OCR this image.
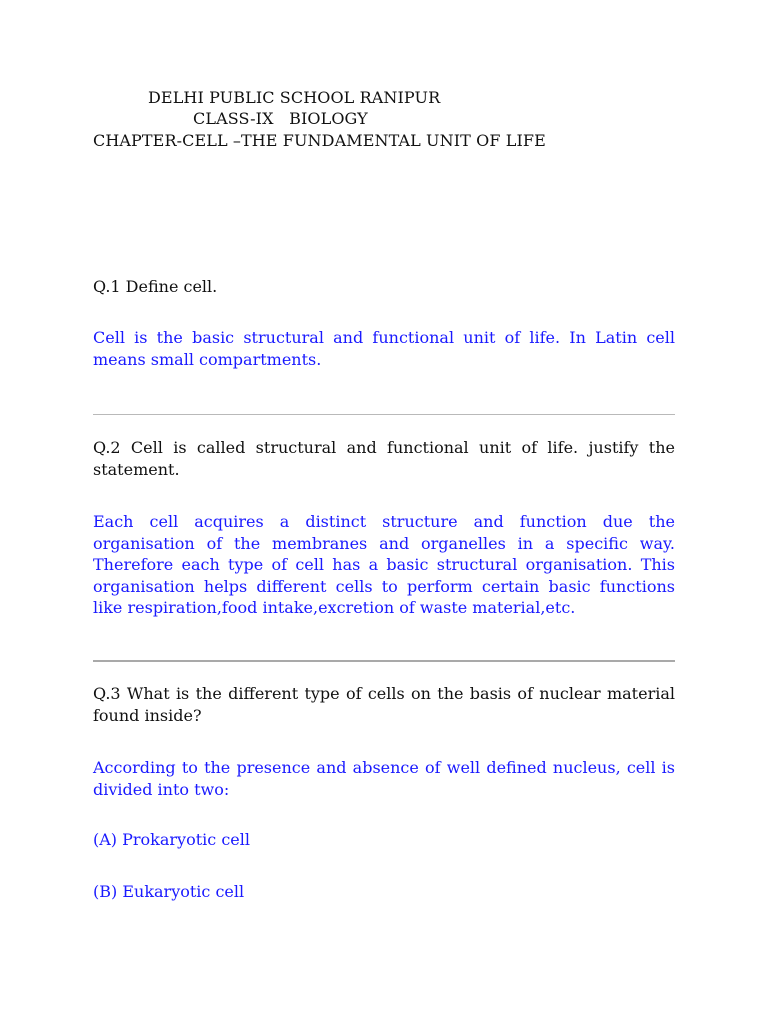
DELHI PUBLIC SCHOOL RANIPUR
CLASS-IX   BIOLOGY
CHAPTER-CELL –THE FUNDAMENTAL UNIT OF LIFE
Q.1 Define cell.
Cell is the basic structural and functional unit of life. In Latin cell means small compartments.
Q.2 Cell is called structural and functional unit of life. justify the statement.
Each cell acquires a distinct structure and function due the organisation of the membranes and organelles in a specific way. Therefore each type of cell has a basic structural organisation. This organisation helps different cells to perform certain basic functions like respiration,food intake,excretion of waste material,etc.
Q.3 What is the different type of cells on the basis of nuclear material found inside?
According to the presence and absence of well defined nucleus, cell is divided into two:
(A) Prokaryotic cell
(B) Eukaryotic cell
